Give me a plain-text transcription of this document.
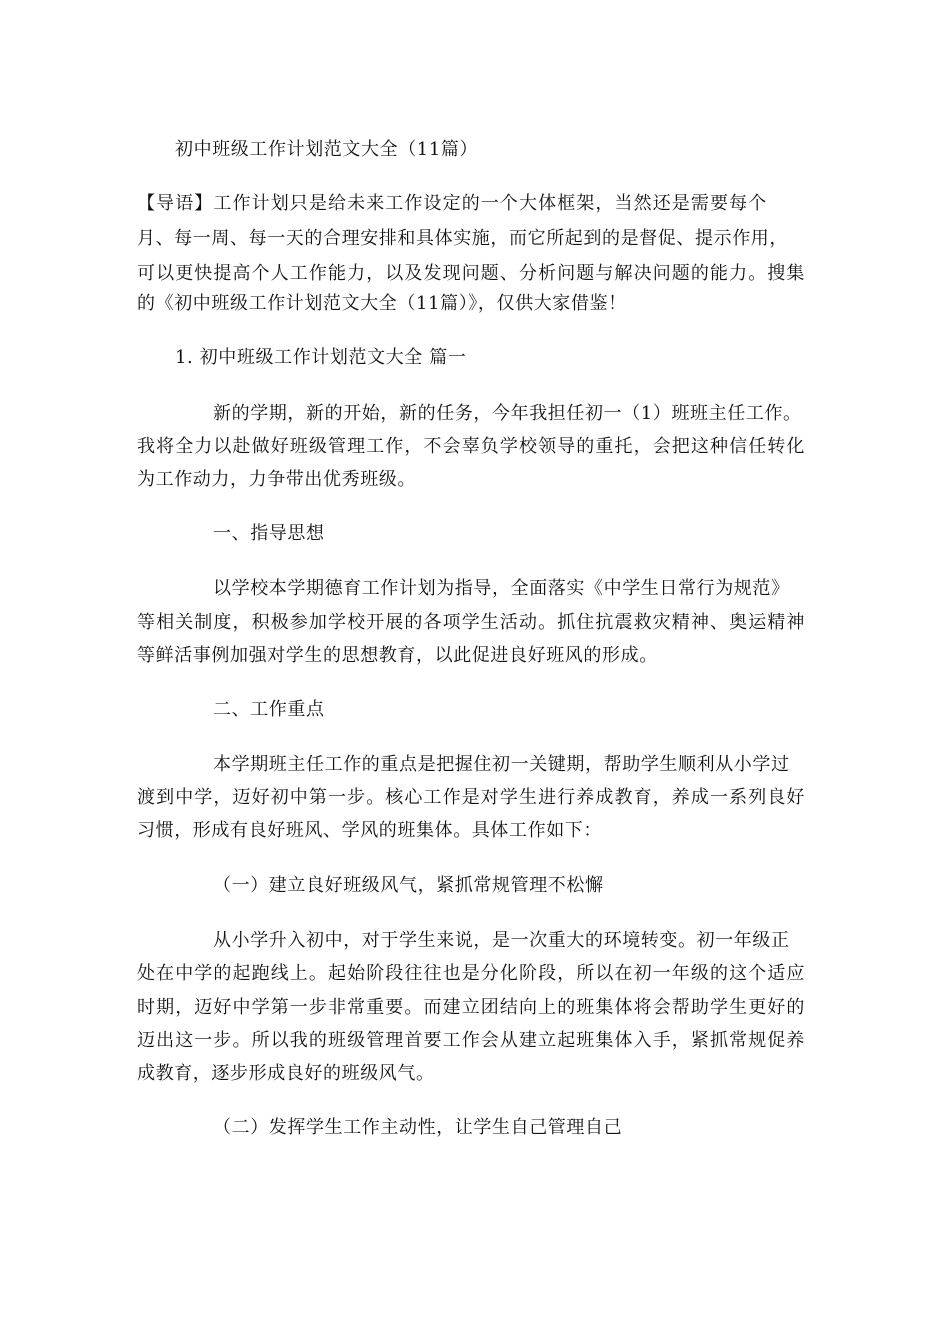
初中班级工作计划范文大全（11篇）
【导语】工作计划只是给未来工作设定的一个大体框架，当然还是需要每个
月、每一周、每一天的合理安排和具体实施，而它所起到的是督促、提示作用，
可以更快提高个人工作能力，以及发现问题、分析问题与解决问题的能力。搜集
的《初中班级工作计划范文大全（11篇）》，仅供大家借鉴！
1. 初中班级工作计划范文大全 篇一
新的学期，新的开始，新的任务，今年我担任初一（1）班班主任工作。
我将全力以赴做好班级管理工作，不会辜负学校领导的重托，会把这种信任转化
为工作动力，力争带出优秀班级。
一、指导思想
以学校本学期德育工作计划为指导，全面落实《中学生日常行为规范》
等相关制度，积极参加学校开展的各项学生活动。抓住抗震救灾精神、奥运精神
等鲜活事例加强对学生的思想教育，以此促进良好班风的形成。
二、工作重点
本学期班主任工作的重点是把握住初一关键期，帮助学生顺利从小学过
渡到中学，迈好初中第一步。核心工作是对学生进行养成教育，养成一系列良好
习惯，形成有良好班风、学风的班集体。具体工作如下：
（一）建立良好班级风气，紧抓常规管理不松懈
从小学升入初中，对于学生来说，是一次重大的环境转变。初一年级正
处在中学的起跑线上。起始阶段往往也是分化阶段，所以在初一年级的这个适应
时期，迈好中学第一步非常重要。而建立团结向上的班集体将会帮助学生更好的
迈出这一步。所以我的班级管理首要工作会从建立起班集体入手，紧抓常规促养
成教育，逐步形成良好的班级风气。
（二）发挥学生工作主动性，让学生自己管理自己
